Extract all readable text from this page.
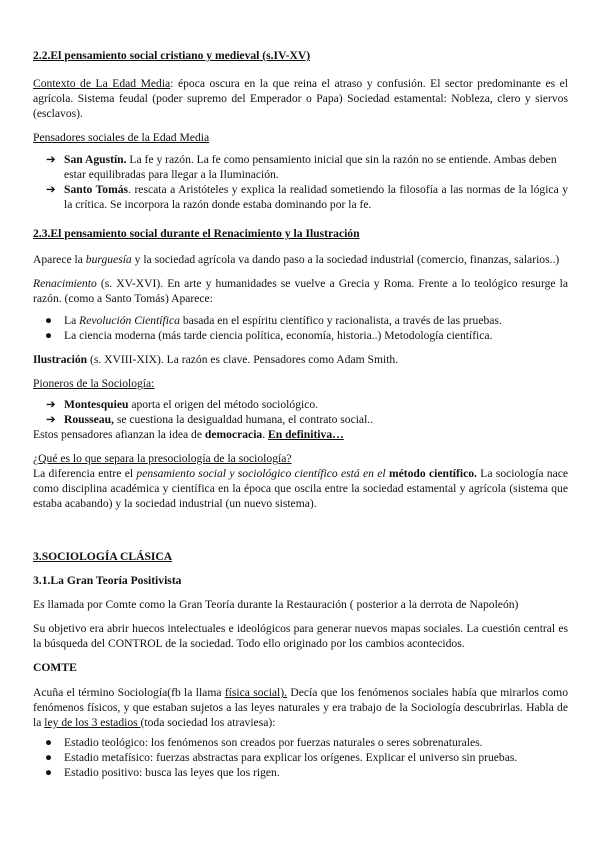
2.2.El pensamiento social cristiano y medieval (s.IV-XV)

Contexto de La Edad Media: época oscura en la que reina el atraso y confusión. El sector predominante es el agrícola. Sistema feudal (poder supremo del Emperador o Papa) Sociedad estamental: Nobleza, clero y siervos (esclavos).

Pensadores sociales de la Edad Media

➔ San Agustín. La fe y razón. La fe como pensamiento inicial que sin la razón no se entiende. Ambas deben estar equilibradas para llegar a la Iluminación.
➔ Santo Tomás. rescata a Aristóteles y explica la realidad sometiendo la filosofía a las normas de la lógica y la crítica. Se incorpora la razón donde estaba dominando por la fe.
2.3.El pensamiento social durante el Renacimiento y la Ilustración

Aparece la burguesía y la sociedad agrícola va dando paso a la sociedad industrial (comercio, finanzas, salarios..)

Renacimiento (s. XV-XVI). En arte y humanidades se vuelve a Grecia y Roma. Frente a lo teológico resurge la razón. (como a Santo Tomás) Aparece:

● La Revolución Científica basada en el espíritu científico y racionalista, a través de las pruebas.
● La ciencia moderna (más tarde ciencia política, economía, historia..) Metodología científica.

Ilustración (s. XVIII-XIX). La razón es clave. Pensadores como Adam Smith.

Pioneros de la Sociología:

➔ Montesquieu aporta el origen del método sociológico.
➔ Rousseau, se cuestiona la desigualdad humana, el contrato social..

Estos pensadores afianzan la idea de democracia. En definitiva…

¿Qué es lo que separa la presociología de la sociología?

La diferencia entre el pensamiento social y sociológico científico está en el método científico. La sociología nace como disciplina académica y científica en la época que oscila entre la sociedad estamental y agrícola (sistema que estaba acabando) y la sociedad industrial (un nuevo sistema).

3.SOCIOLOGÍA CLÁSICA

3.1.La Gran Teoría Positivista

Es llamada por Comte como la Gran Teoría durante la Restauración ( posterior a la derrota de Napoleón)

Su objetivo era abrir huecos intelectuales e ideológicos para generar nuevos mapas sociales. La cuestión central es la búsqueda del CONTROL de la sociedad. Todo ello originado por los cambios acontecidos.

COMTE

Acuña el término Sociología(fb la llama física social). Decía que los fenómenos sociales había que mirarlos como fenómenos físicos, y que estaban sujetos a las leyes naturales y era trabajo de la Sociología descubrirlas. Habla de la ley de los 3 estadios (toda sociedad los atraviesa):

● Estadio teológico: los fenómenos son creados por fuerzas naturales o seres sobrenaturales.
● Estadio metafísico: fuerzas abstractas para explicar los orígenes. Explicar el universo sin pruebas.
● Estadio positivo: busca las leyes que los rigen.
